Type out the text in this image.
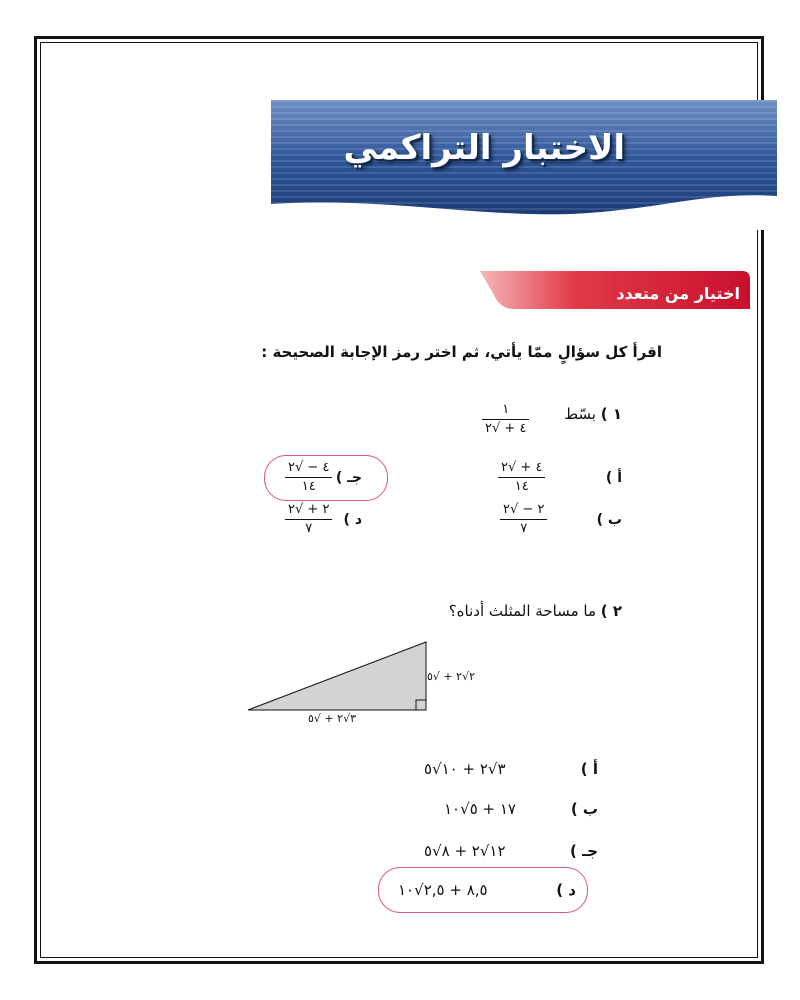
الاختبار التراكمي
اختيار من متعدد
اقرأ كل سؤالٍ ممّا يأتي، ثم اختر رمز الإجابة الصحيحة :
١ ) بسّط
١
٤ + √٢
أ )
٤ + √٢
١٤
ب )
٢ − √٢
٧
جـ )
٤ − √٢
١٤
د )
٢ + √٢
٧
٢ ) ما مساحة المثلث أدناه؟
٢√٢ + √٥
٣√٢ + √٥
أ )
٣√٢ + ١٠√٥
ب )
١٧ + ٥√١٠
جـ )
١٢√٢ + ٨√٥
د )
٨,٥ + ٢,٥√١٠
